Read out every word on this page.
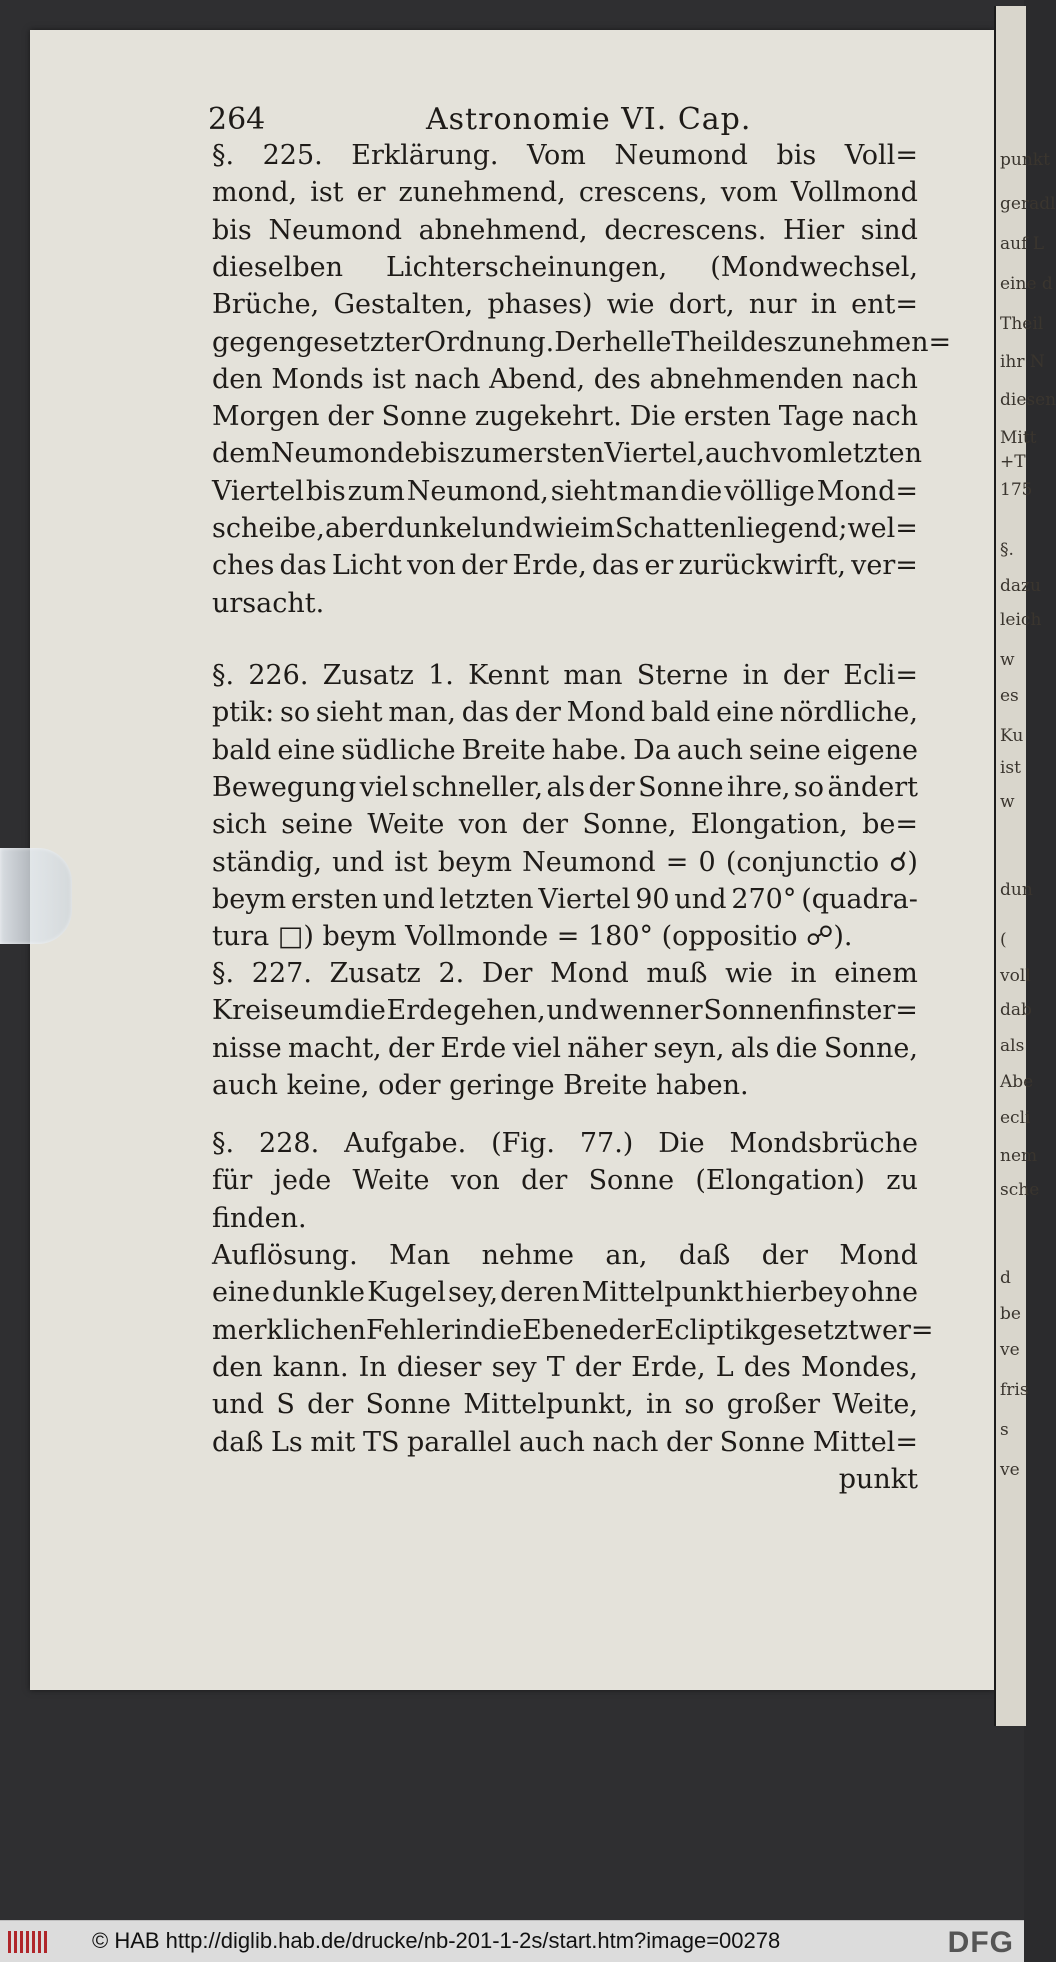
264	Astronomie VI. Cap.
punkt
geradl
auf L
eine d
Theil
ihr N
diesen
Mitt
+T
175
§.
dazu
leich
w
es
Ku
ist
w
dun
(
voll
dab
als
Abe
ecli
nem
sche
d
be
ve
fris
s
ve
§. 225. Erklärung. Vom Neumond bis Voll=
mond, ist er zunehmend, crescens, vom Vollmond
bis Neumond abnehmend, decrescens. Hier sind
dieselben Lichterscheinungen, (Mondwechsel,
Brüche, Gestalten, phases) wie dort, nur in ent=
gegengesetzter Ordnung. Der helle Theil des zunehmen=
den Monds ist nach Abend, des abnehmenden nach
Morgen der Sonne zugekehrt. Die ersten Tage nach
dem Neumonde bis zum ersten Viertel, auch vom letzten
Viertel bis zum Neumond, sieht man die völlige Mond=
scheibe, aber dunkel und wie im Schatten liegend; wel=
ches das Licht von der Erde, das er zurückwirft, ver=
ursacht.
§. 226. Zusatz 1. Kennt man Sterne in der Ecli=
ptik: so sieht man, das der Mond bald eine nördliche,
bald eine südliche Breite habe. Da auch seine eigene
Bewegung viel schneller, als der Sonne ihre, so ändert
sich seine Weite von der Sonne, Elongation, be=
ständig, und ist beym Neumond = 0 (conjunctio ☌)
beym ersten und letzten Viertel 90 und 270° (quadra-
tura □) beym Vollmonde = 180° (oppositio ☍).
§. 227. Zusatz 2. Der Mond muß wie in einem
Kreise um die Erde gehen, und wenn er Sonnenfinster=
nisse macht, der Erde viel näher seyn, als die Sonne,
auch keine, oder geringe Breite haben.
§. 228. Aufgabe. (Fig. 77.) Die Mondsbrüche
für jede Weite von der Sonne (Elongation) zu
finden.
Auflösung. Man nehme an, daß der Mond
eine dunkle Kugel sey, deren Mittelpunkt hierbey ohne
merklichen Fehler in die Ebene der Ecliptik gesetzt wer=
den kann. In dieser sey T der Erde, L des Mondes,
und S der Sonne Mittelpunkt, in so großer Weite,
daß Ls mit TS parallel auch nach der Sonne Mittel=
punkt
© HAB http://diglib.hab.de/drucke/nb-201-1-2s/start.htm?image=00278	DFG
